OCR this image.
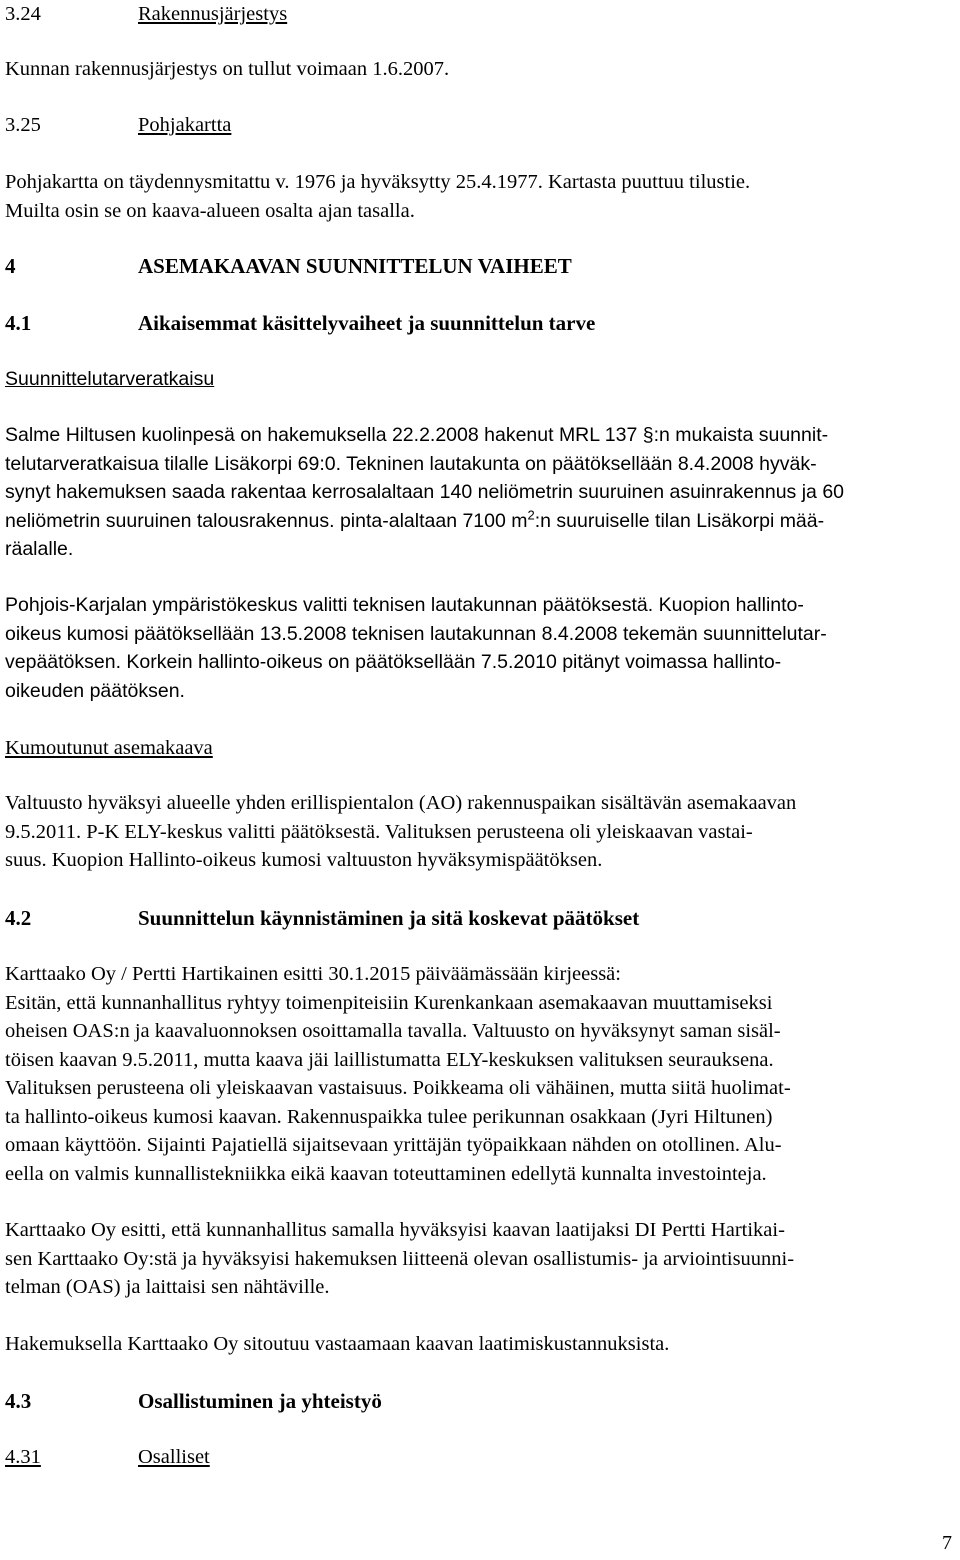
3.24	Rakennusjärjestys
Kunnan rakennusjärjestys on tullut voimaan 1.6.2007.
3.25	Pohjakartta
Pohjakartta on täydennysmitattu v. 1976 ja hyväksytty 25.4.1977. Kartasta puuttuu tilustie.
Muilta osin se on kaava-alueen osalta ajan tasalla.
4	ASEMAKAAVAN SUUNNITTELUN VAIHEET
4.1	Aikaisemmat käsittelyvaiheet ja suunnittelun tarve
Suunnittelutarveratkaisu
Salme Hiltusen kuolinpesä on hakemuksella 22.2.2008 hakenut MRL 137 §:n mukaista suunnit-
telutarveratkaisua tilalle Lisäkorpi 69:0. Tekninen lautakunta on päätöksellään 8.4.2008 hyväk-
synyt hakemuksen saada rakentaa kerrosalaltaan 140 neliömetrin suuruinen asuinrakennus ja 60
neliömetrin suuruinen talousrakennus. pinta-alaltaan 7100 $m^2:n$ suuruiselle tilan Lisäkorpi mää-
räalalle.
Pohjois-Karjalan ympäristökeskus valitti teknisen lautakunnan päätöksestä. Kuopion hallinto-
oikeus kumosi päätöksellään 13.5.2008 teknisen lautakunnan 8.4.2008 tekemän suunnittelutar-
vepäätöksen. Korkein hallinto-oikeus on päätöksellään 7.5.2010 pitänyt voimassa hallinto-
oikeuden päätöksen.
Kumoutunut asemakaava
Valtuusto hyväksyi alueelle yhden erillispientalon (AO) rakennuspaikan sisältävän asemakaavan
9.5.2011. P-K ELY-keskus valitti päätöksestä. Valituksen perusteena oli yleiskaavan vastai-
suus. Kuopion Hallinto-oikeus kumosi valtuuston hyväksymispäätöksen.
4.2	Suunnittelun käynnistäminen ja sitä koskevat päätökset
Karttaako Oy / Pertti Hartikainen esitti 30.1.2015 päiväämässään kirjeessä:
Esitän, että kunnanhallitus ryhtyy toimenpiteisiin Kurenkankaan asemakaavan muuttamiseksi
oheisen OAS:n ja kaavaluonnoksen osoittamalla tavalla. Valtuusto on hyväksynyt saman sisäl-
töisen kaavan 9.5.2011, mutta kaava jäi laillistumatta ELY-keskuksen valituksen seurauksena.
Valituksen perusteena oli yleiskaavan vastaisuus. Poikkeama oli vähäinen, mutta siitä huolimat-
ta hallinto-oikeus kumosi kaavan. Rakennuspaikka tulee perikunnan osakkaan (Jyri Hiltunen)
omaan käyttöön. Sijainti Pajatiellä sijaitsevaan yrittäjän työpaikkaan nähden on otollinen. Alu-
eella on valmis kunnallistekniikka eikä kaavan toteuttaminen edellytä kunnalta investointeja.
Karttaako Oy esitti, että kunnanhallitus samalla hyväksyisi kaavan laatijaksi DI Pertti Hartikai-
sen Karttaako Oy:stä ja hyväksyisi hakemuksen liitteenä olevan osallistumis- ja arviointisuunni-
telman (OAS) ja laittaisi sen nähtäville.
Hakemuksella Karttaako Oy sitoutuu vastaamaan kaavan laatimiskustannuksista.
4.3	Osallistuminen ja yhteistyö
4.31	Osalliset
7
